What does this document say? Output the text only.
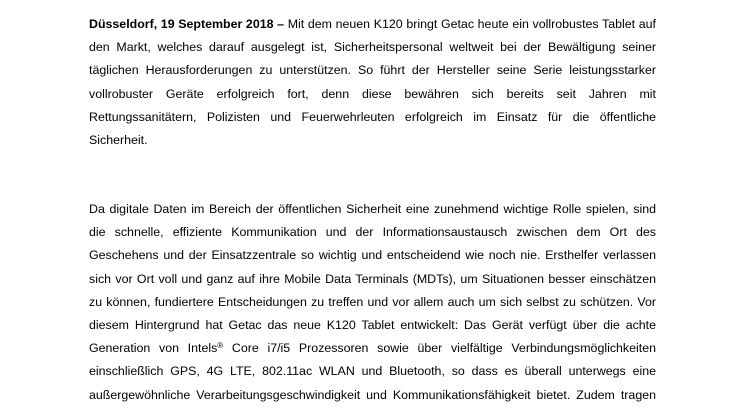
Düsseldorf, 19 September 2018 – Mit dem neuen K120 bringt Getac heute ein vollrobustes Tablet auf
den Markt, welches darauf ausgelegt ist, Sicherheitspersonal weltweit bei der Bewältigung seiner
täglichen Herausforderungen zu unterstützen. So führt der Hersteller seine Serie leistungsstarker
vollrobuster Geräte erfolgreich fort, denn diese bewähren sich bereits seit Jahren mit
Rettungssanitätern, Polizisten und Feuerwehrleuten erfolgreich im Einsatz für die öffentliche
Sicherheit.

Da digitale Daten im Bereich der öffentlichen Sicherheit eine zunehmend wichtige Rolle spielen, sind
die schnelle, effiziente Kommunikation und der Informationsaustausch zwischen dem Ort des
Geschehens und der Einsatzzentrale so wichtig und entscheidend wie noch nie. Ersthelfer verlassen
sich vor Ort voll und ganz auf ihre Mobile Data Terminals (MDTs), um Situationen besser einschätzen
zu können, fundiertere Entscheidungen zu treffen und vor allem auch um sich selbst zu schützen. Vor
diesem Hintergrund hat Getac das neue K120 Tablet entwickelt: Das Gerät verfügt über die achte
Generation von Intels® Core i7/i5 Prozessoren sowie über vielfältige Verbindungsmöglichkeiten
einschließlich GPS, 4G LTE, 802.11ac WLAN und Bluetooth, so dass es überall unterwegs eine
außergewöhnliche Verarbeitungsgeschwindigkeit und Kommunikationsfähigkeit bietet. Zudem tragen
